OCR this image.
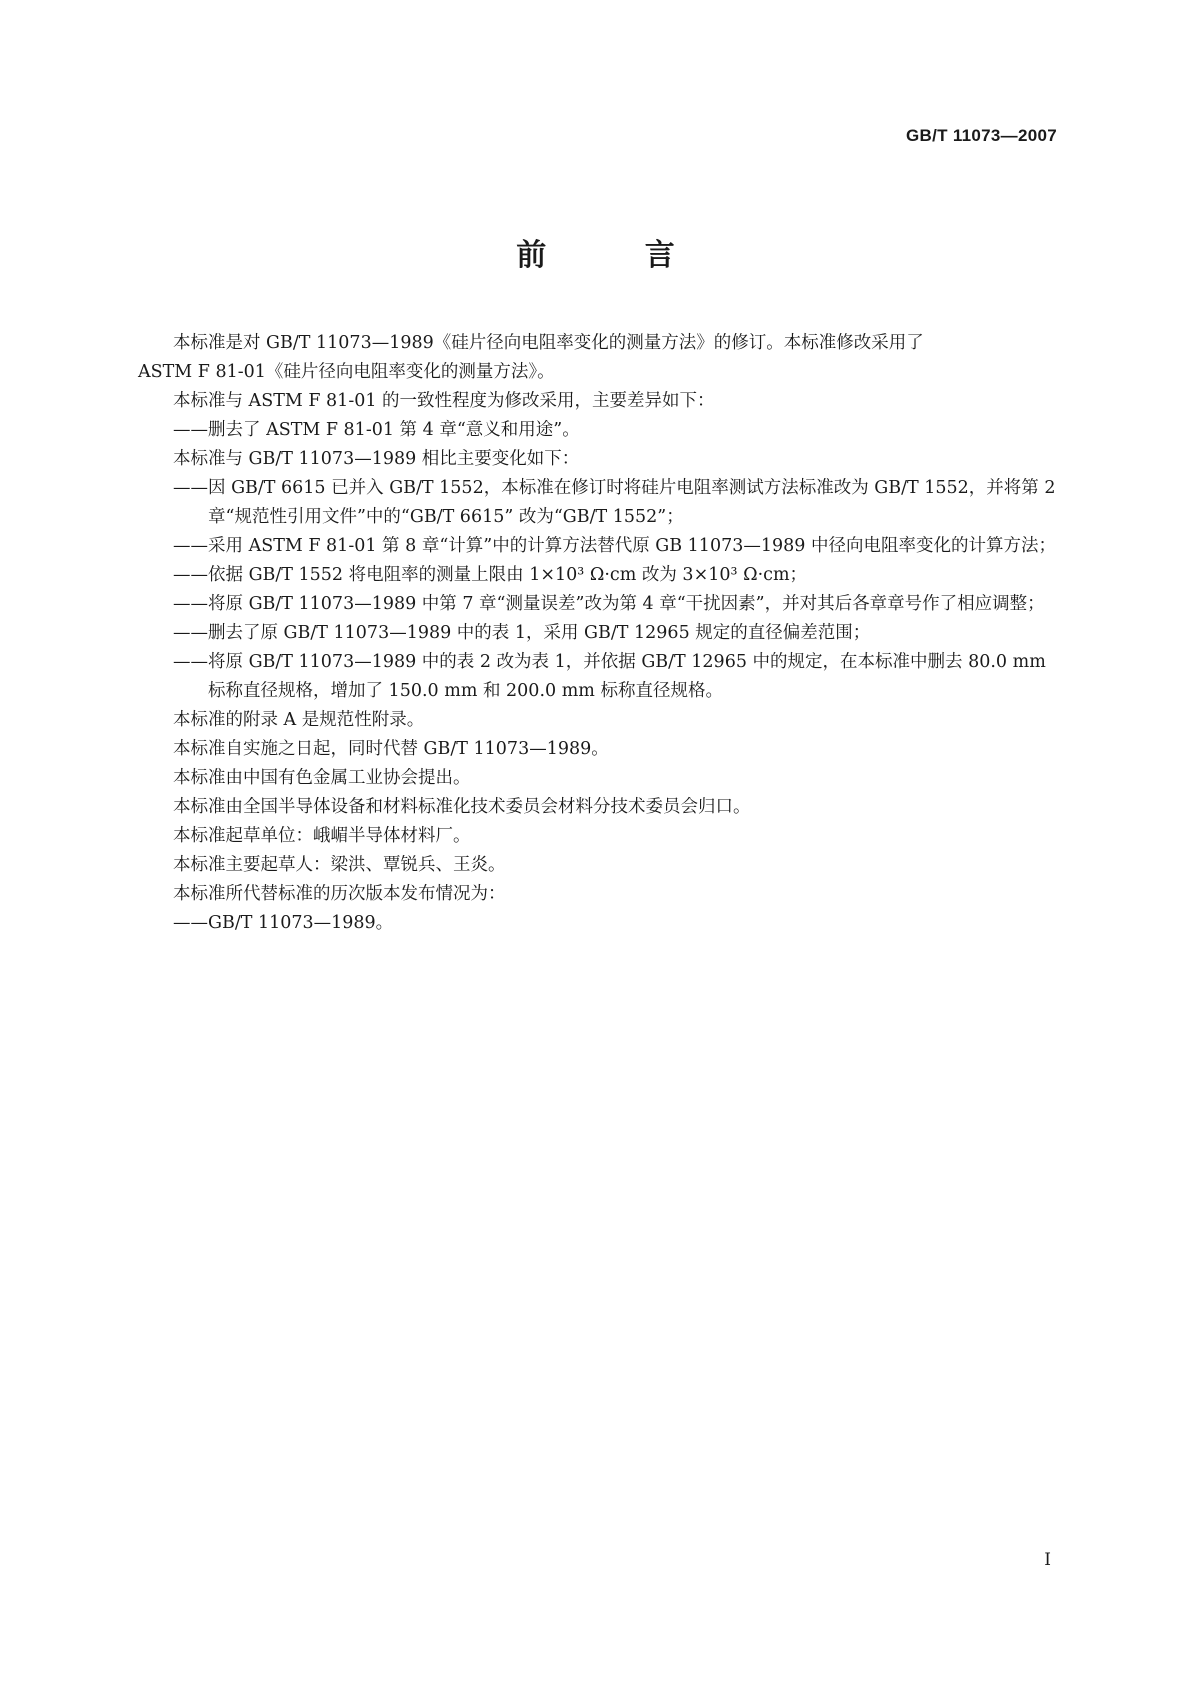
GB/T 11073—2007
前 言

本标准是对 GB/T 11073—1989《硅片径向电阻率变化的测量方法》的修订。本标准修改采用了

ASTM F 81-01《硅片径向电阻率变化的测量方法》。

本标准与 ASTM F 81-01 的一致性程度为修改采用，主要差异如下：

——删去了 ASTM F 81-01 第 4 章“意义和用途”。

本标准与 GB/T 11073—1989 相比主要变化如下：

——因 GB/T 6615 已并入 GB/T 1552，本标准在修订时将硅片电阻率测试方法标准改为 GB/T 1552，并将第 2 章“规范性引用文件”中的“GB/T 6615” 改为“GB/T 1552”；

——采用 ASTM F 81-01 第 8 章“计算”中的计算方法替代原 GB 11073—1989 中径向电阻率变化的计算方法；

——依据 GB/T 1552 将电阻率的测量上限由 1×10³ Ω·cm 改为 3×10³ Ω·cm；

——将原 GB/T 11073—1989 中第 7 章“测量误差”改为第 4 章“干扰因素”，并对其后各章章号作了相应调整；

——删去了原 GB/T 11073—1989 中的表 1，采用 GB/T 12965 规定的直径偏差范围；

——将原 GB/T 11073—1989 中的表 2 改为表 1，并依据 GB/T 12965 中的规定，在本标准中删去 80.0 mm 标称直径规格，增加了 150.0 mm 和 200.0 mm 标称直径规格。

本标准的附录 A 是规范性附录。

本标准自实施之日起，同时代替 GB/T 11073—1989。

本标准由中国有色金属工业协会提出。

本标准由全国半导体设备和材料标准化技术委员会材料分技术委员会归口。

本标准起草单位：峨嵋半导体材料厂。

本标准主要起草人：梁洪、覃锐兵、王炎。

本标准所代替标准的历次版本发布情况为：

——GB/T 11073—1989。

I
